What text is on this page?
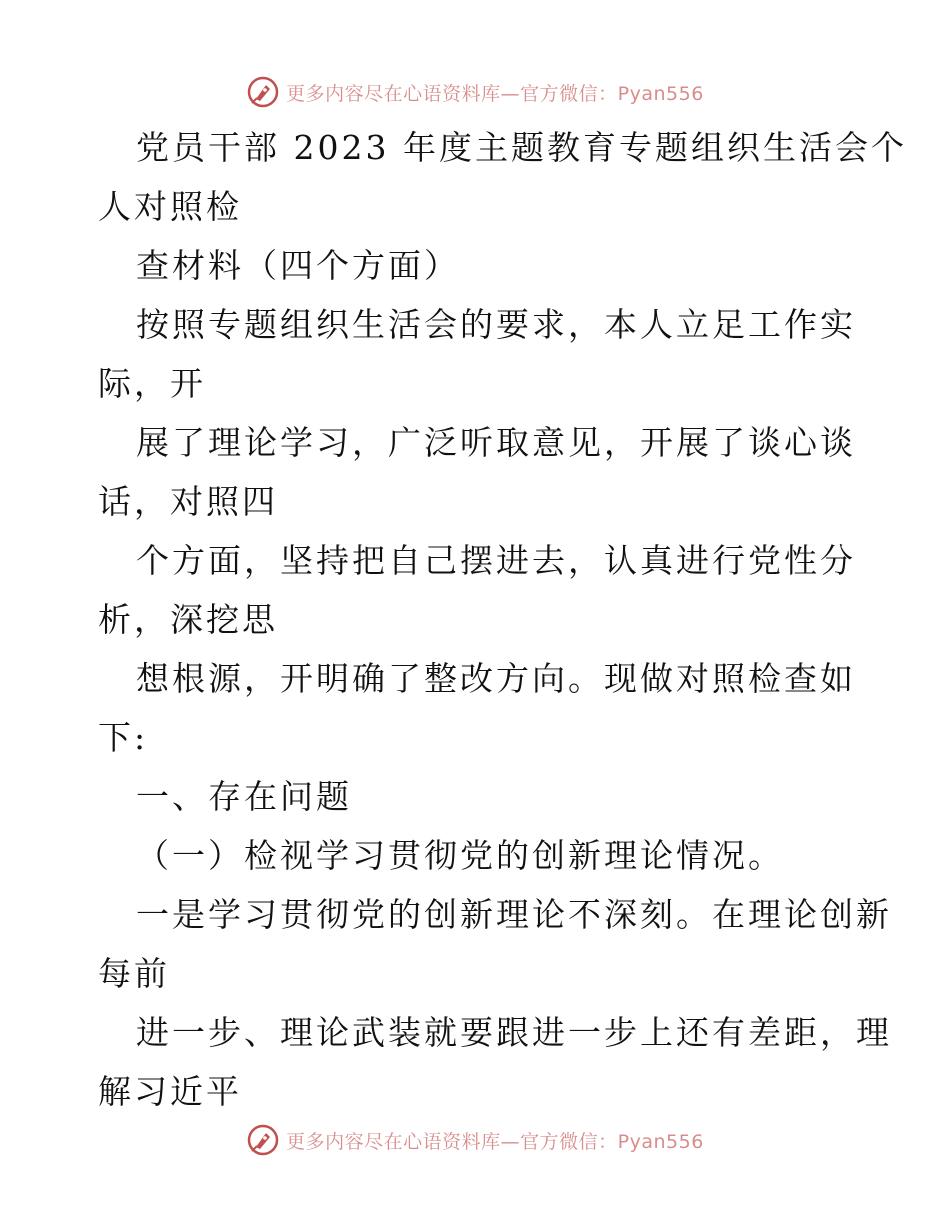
更多内容尽在心语资料库—官方微信：Pyan556
党员干部 2023 年度主题教育专题组织生活会个
人对照检
查材料（四个方面）
按照专题组织生活会的要求，本人立足工作实
际，开
展了理论学习，广泛听取意见，开展了谈心谈
话，对照四
个方面，坚持把自己摆进去，认真进行党性分
析，深挖思
想根源，开明确了整改方向。现做对照检查如
下:
一、存在问题
（一）检视学习贯彻党的创新理论情况。
一是学习贯彻党的创新理论不深刻。在理论创新
每前
进一步、理论武装就要跟进一步上还有差距，理
解习近平
更多内容尽在心语资料库—官方微信：Pyan556
